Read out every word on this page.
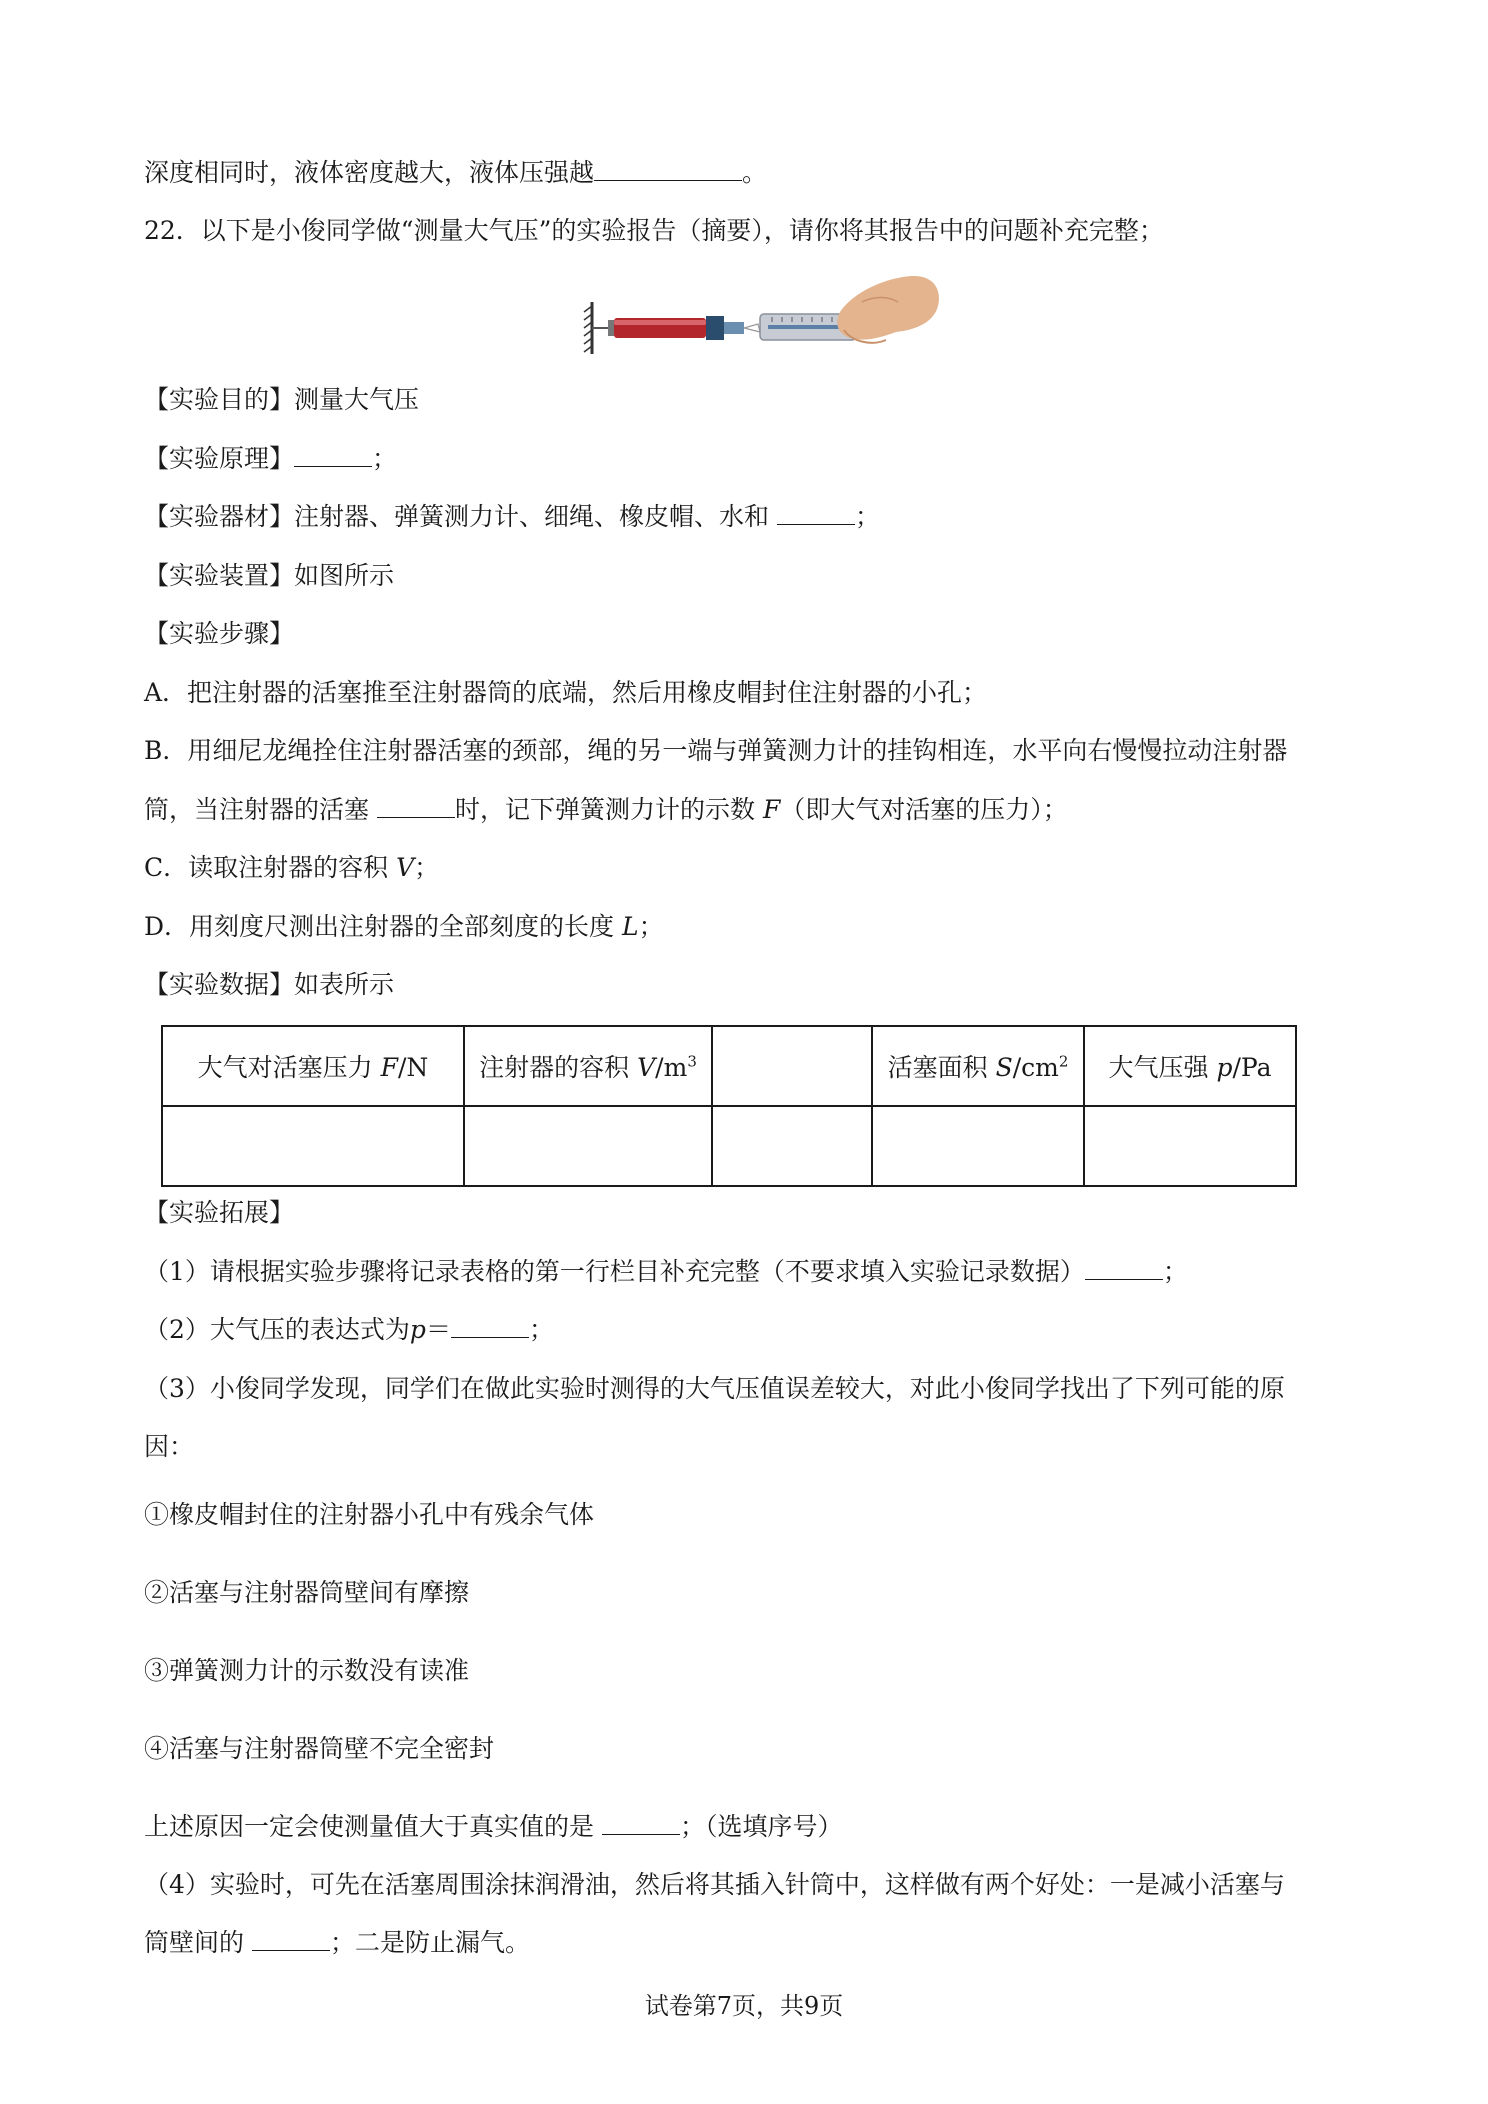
深度相同时，液体密度越大，液体压强越	。
22．以下是小俊同学做“测量大气压”的实验报告（摘要），请你将其报告中的问题补充完整；
【实验目的】测量大气压
【实验原理】	；
【实验器材】注射器、弹簧测力计、细绳、橡皮帽、水和	；
【实验装置】如图所示
【实验步骤】
A．把注射器的活塞推至注射器筒的底端，然后用橡皮帽封住注射器的小孔；
B．用细尼龙绳拴住注射器活塞的颈部，绳的另一端与弹簧测力计的挂钩相连，水平向右慢慢拉动注射器
筒，当注射器的活塞	时，记下弹簧测力计的示数 F（即大气对活塞的压力）；
C．读取注射器的容积 V；
D．用刻度尺测出注射器的全部刻度的长度 L；
【实验数据】如表所示
大气对活塞压力 F/N	注射器的容积 $V/m^3$		活塞面积 $S/cm^2$	大气压强 p/Pa

【实验拓展】
（1）请根据实验步骤将记录表格的第一行栏目补充完整（不要求填入实验记录数据）	；
（2）大气压的表达式为p＝	；
（3）小俊同学发现，同学们在做此实验时测得的大气压值误差较大，对此小俊同学找出了下列可能的原
因：
①橡皮帽封住的注射器小孔中有残余气体
②活塞与注射器筒壁间有摩擦
③弹簧测力计的示数没有读准
④活塞与注射器筒壁不完全密封
上述原因一定会使测量值大于真实值的是	；（选填序号）
（4）实验时，可先在活塞周围涂抹润滑油，然后将其插入针筒中，这样做有两个好处：一是减小活塞与
筒壁间的	；二是防止漏气。
试卷第7页，共9页
